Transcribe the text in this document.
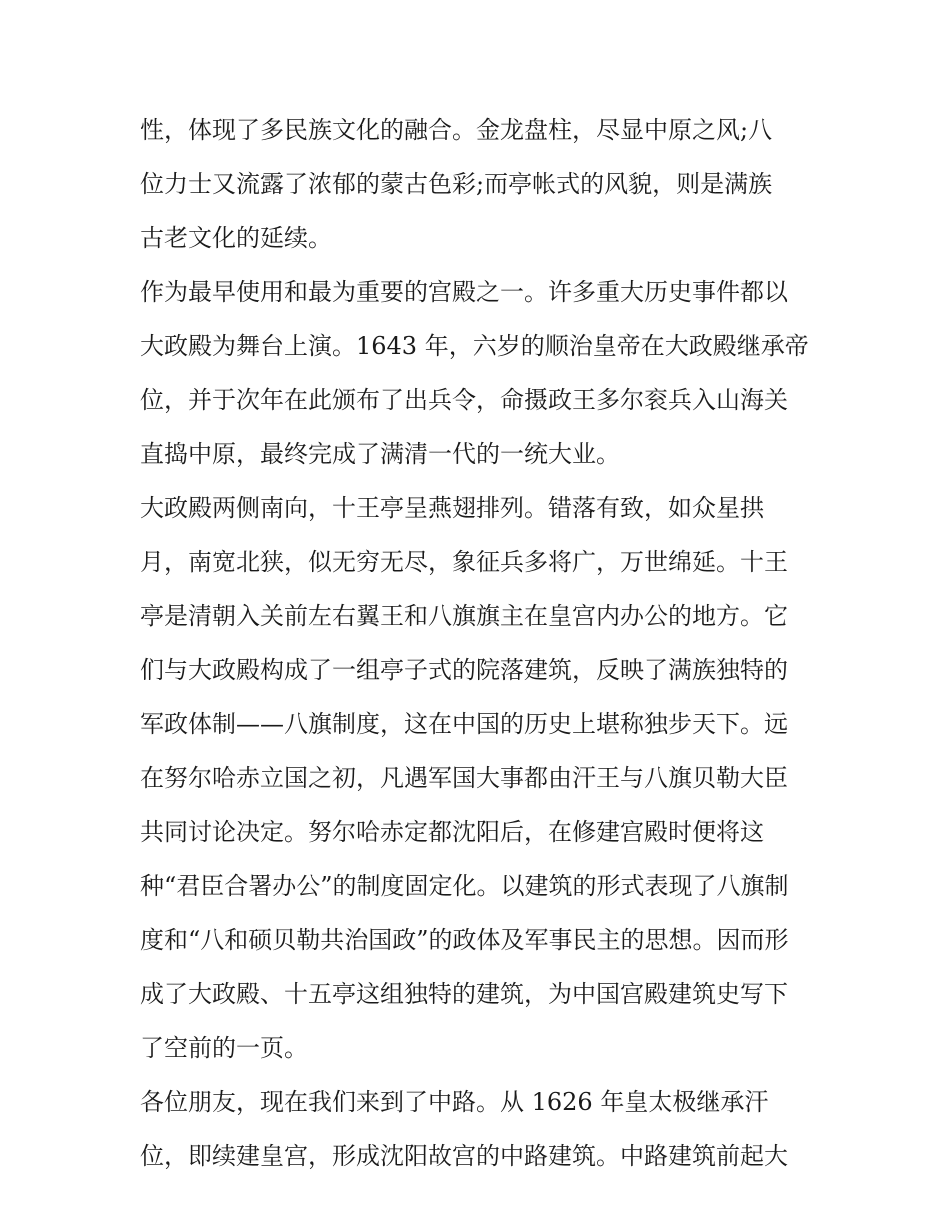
性，体现了多民族文化的融合。金龙盘柱，尽显中原之风;八
位力士又流露了浓郁的蒙古色彩;而亭帐式的风貌，则是满族
古老文化的延续。
作为最早使用和最为重要的宫殿之一。许多重大历史事件都以
大政殿为舞台上演。1643 年，六岁的顺治皇帝在大政殿继承帝
位，并于次年在此颁布了出兵令，命摄政王多尔衮兵入山海关
直捣中原，最终完成了满清一代的一统大业。
大政殿两侧南向，十王亭呈燕翅排列。错落有致，如众星拱
月，南宽北狭，似无穷无尽，象征兵多将广，万世绵延。十王
亭是清朝入关前左右翼王和八旗旗主在皇宫内办公的地方。它
们与大政殿构成了一组亭子式的院落建筑，反映了满族独特的
军政体制——八旗制度，这在中国的历史上堪称独步天下。远
在努尔哈赤立国之初，凡遇军国大事都由汗王与八旗贝勒大臣
共同讨论决定。努尔哈赤定都沈阳后，在修建宫殿时便将这
种“君臣合署办公”的制度固定化。以建筑的形式表现了八旗制
度和“八和硕贝勒共治国政”的政体及军事民主的思想。因而形
成了大政殿、十五亭这组独特的建筑，为中国宫殿建筑史写下
了空前的一页。
各位朋友，现在我们来到了中路。从 1626 年皇太极继承汗
位，即续建皇宫，形成沈阳故宫的中路建筑。中路建筑前起大
